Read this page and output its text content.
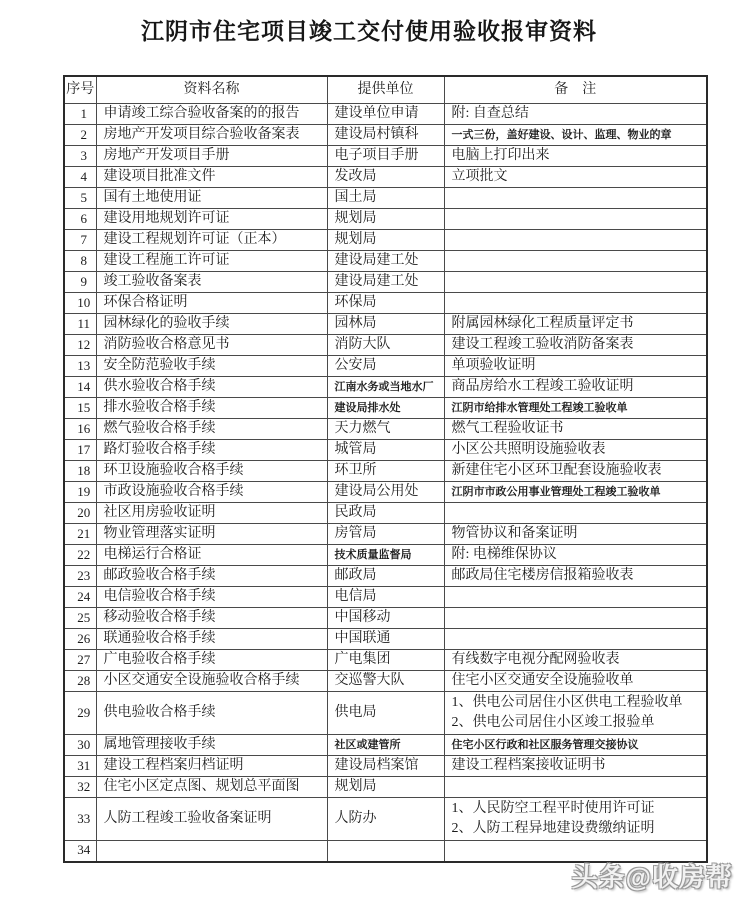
江阴市住宅项目竣工交付使用验收报审资料
序号	资料名称	提供单位	备　注
1	申请竣工综合验收备案的的报告	建设单位申请	附: 自查总结
2	房地产开发项目综合验收备案表	建设局村镇科	一式三份，盖好建设、设计、监理、物业的章
3	房地产开发项目手册	电子项目手册	电脑上打印出来
4	建设项目批准文件	发改局	立项批文
5	国有土地使用证	国土局	
6	建设用地规划许可证	规划局	
7	建设工程规划许可证（正本）	规划局	
8	建设工程施工许可证	建设局建工处	
9	竣工验收备案表	建设局建工处	
10	环保合格证明	环保局	
11	园林绿化的验收手续	园林局	附属园林绿化工程质量评定书
12	消防验收合格意见书	消防大队	建设工程竣工验收消防备案表
13	安全防范验收手续	公安局	单项验收证明
14	供水验收合格手续	江南水务或当地水厂	商品房给水工程竣工验收证明
15	排水验收合格手续	建设局排水处	江阴市给排水管理处工程竣工验收单
16	燃气验收合格手续	天力燃气	燃气工程验收证书
17	路灯验收合格手续	城管局	小区公共照明设施验收表
18	环卫设施验收合格手续	环卫所	新建住宅小区环卫配套设施验收表
19	市政设施验收合格手续	建设局公用处	江阴市市政公用事业管理处工程竣工验收单
20	社区用房验收证明	民政局	
21	物业管理落实证明	房管局	物管协议和备案证明
22	电梯运行合格证	技术质量监督局	附: 电梯维保协议
23	邮政验收合格手续	邮政局	邮政局住宅楼房信报箱验收表
24	电信验收合格手续	电信局	
25	移动验收合格手续	中国移动	
26	联通验收合格手续	中国联通	
27	广电验收合格手续	广电集团	有线数字电视分配网验收表
28	小区交通安全设施验收合格手续	交巡警大队	住宅小区交通安全设施验收单
29	供电验收合格手续	供电局	1、供电公司居住小区供电工程验收单
2、供电公司居住小区竣工报验单

30	属地管理接收手续	社区或建管所	住宅小区行政和社区服务管理交接协议
31	建设工程档案归档证明	建设局档案馆	建设工程档案接收证明书
32	住宅小区定点图、规划总平面图	规划局	
33	人防工程竣工验收备案证明	人防办	1、人民防空工程平时使用许可证
2、人防工程异地建设费缴纳证明

34			
头条@收房帮
